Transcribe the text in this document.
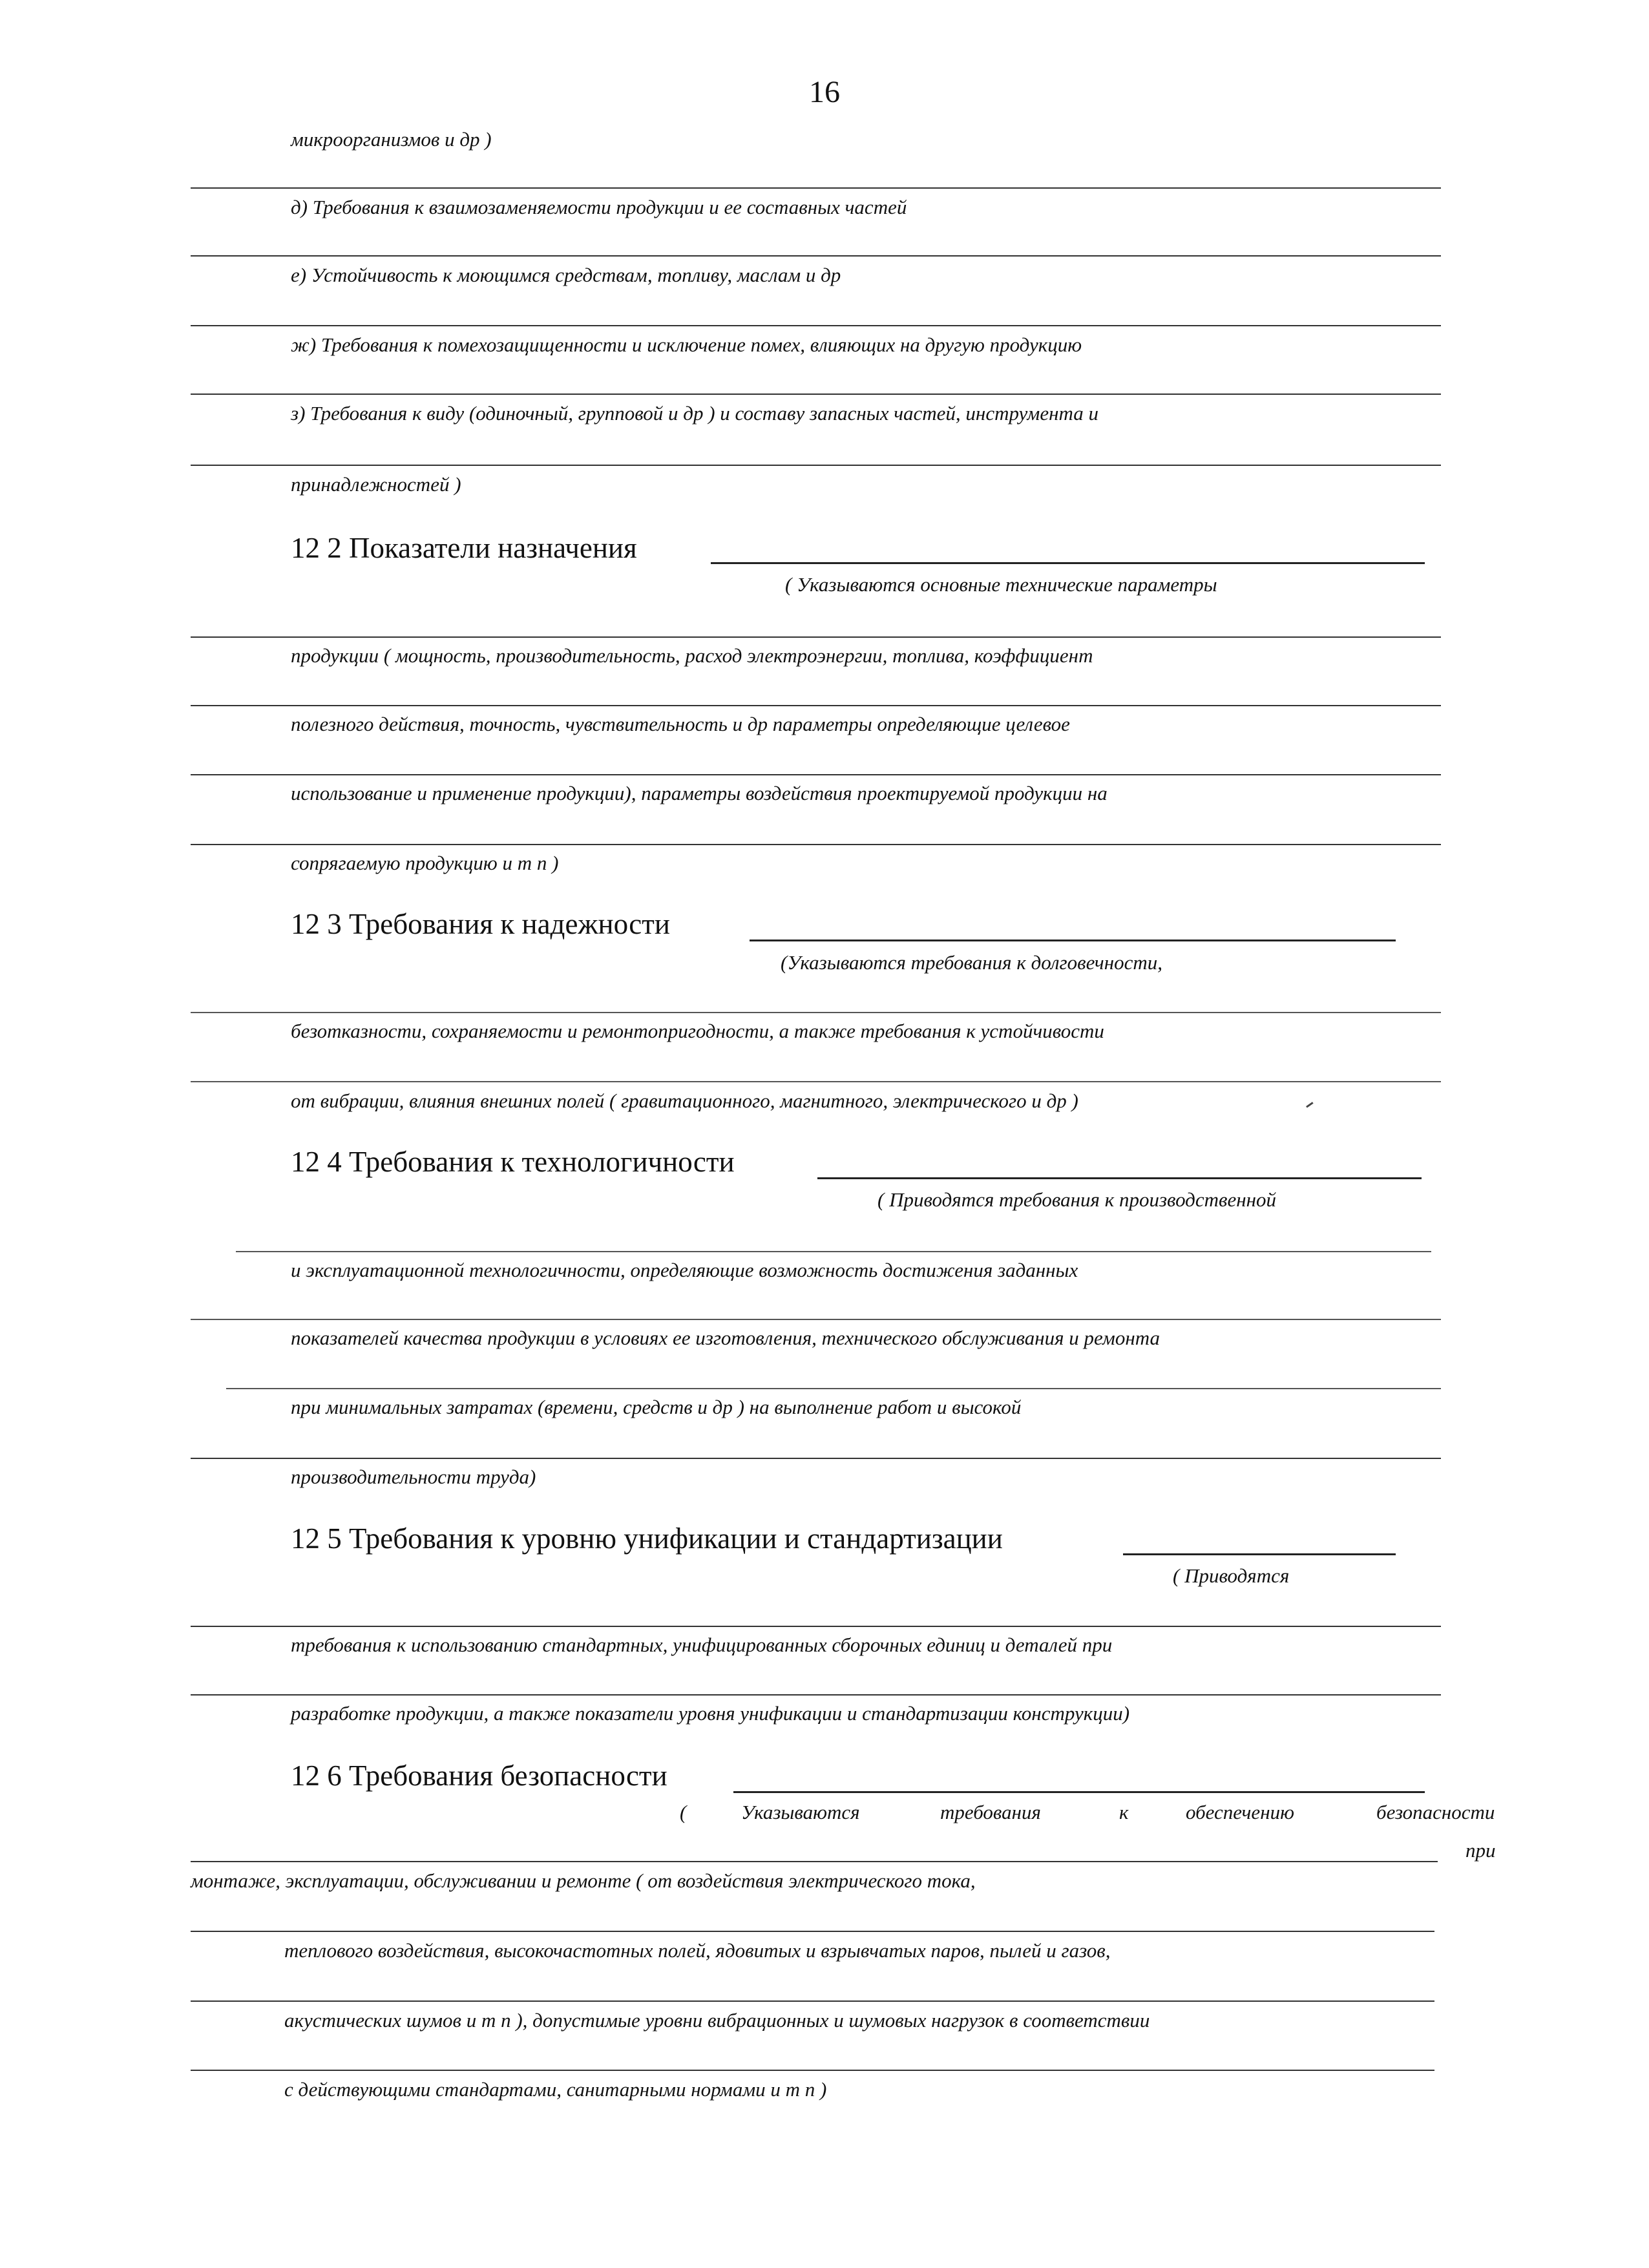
16
микроорганизмов и др )
д) Требования к взаимозаменяемости продукции и ее составных частей
е) Устойчивость к моющимся средствам, топливу, маслам и др
ж) Требования к помехозащищенности и исключение помех, влияющих на другую продукцию
з) Требования к виду (одиночный, групповой и др ) и составу запасных частей, инструмента и
принадлежностей )
12 2 Показатели назначения
( Указываются основные технические параметры
продукции ( мощность, производительность, расход электроэнергии, топлива, коэффициент
полезного действия, точность, чувствительность и др параметры определяющие целевое
использование и применение продукции), параметры воздействия проектируемой продукции на
сопрягаемую продукцию и т п )
12 3 Требования к надежности
(Указываются требования к долговечности,
безотказности, сохраняемости и ремонтопригодности, а также требования к устойчивости
от вибрации, влияния внешних полей ( гравитационного, магнитного, электрического и др )
12 4 Требования к технологичности
( Приводятся требования к производственной
и эксплуатационной технологичности, определяющие возможность достижения заданных
показателей качества продукции в условиях ее изготовления, технического обслуживания и ремонта
при минимальных затратах (времени, средств и др ) на выполнение работ и высокой
производительности труда)
12 5 Требования к уровню унификации и стандартизации
( Приводятся
требования к использованию стандартных, унифицированных сборочных единиц и деталей при
разработке продукции, а также показатели уровня унификации и стандартизации конструкции)
12 6 Требования безопасности
(	Указываются	требования	к	обеспечению	безопасности
при
монтаже, эксплуатации, обслуживании и ремонте ( от воздействия электрического тока,
теплового воздействия, высокочастотных полей, ядовитых и взрывчатых паров, пылей и газов,
акустических шумов и т п ), допустимые уровни вибрационных и шумовых нагрузок в соответствии
с действующими стандартами, санитарными нормами и т п )
